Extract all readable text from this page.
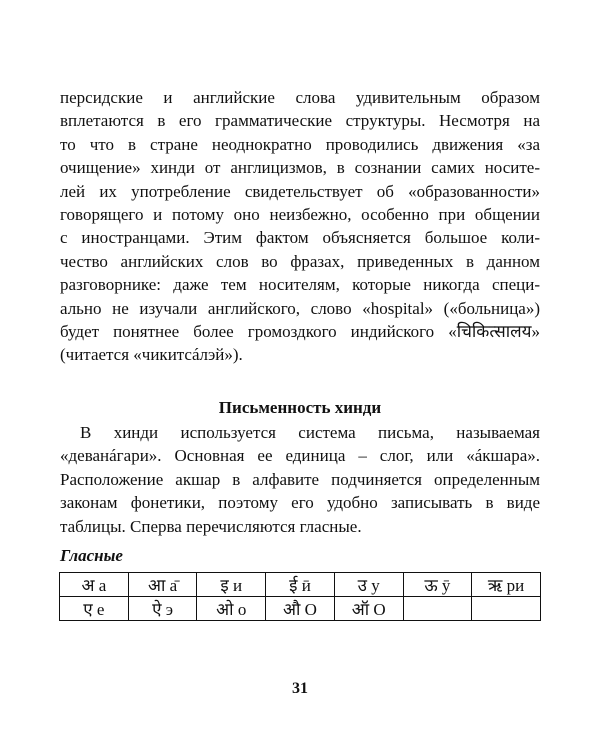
персидские и английские слова удивительным образом
вплетаются в его грамматические структуры. Несмотря на
то что в стране неоднократно проводились движения «за
очищение» хинди от англицизмов, в сознании самих носите-
лей их употребление свидетельствует об «образованности»
говорящего и потому оно неизбежно, особенно при общении
с иностранцами. Этим фактом объясняется большое коли-
чество английских слов во фразах, приведенных в данном
разговорнике: даже тем носителям, которые никогда специ-
ально не изучали английского, слово «hospital» («больница»)
будет понятнее более громоздкого индийского «चिकित्सालय»
(читается «чикитсáлэй»).

Письменность хинди

В хинди используется система письма, называемая
«деванáгари». Основная ее единица – слог, или «áкшара».
Расположение акшар в алфавите подчиняется определенным
законам фонетики, поэтому его удобно записывать в виде
таблицы. Сперва перечисляются гласные.

Гласные
अ а	आ а̄	इ и	ई ӣ	उ у	ऊ ӯ	ऋ ри
ए е	ऐ э	ओ о	औ О	ऑ О		
31
